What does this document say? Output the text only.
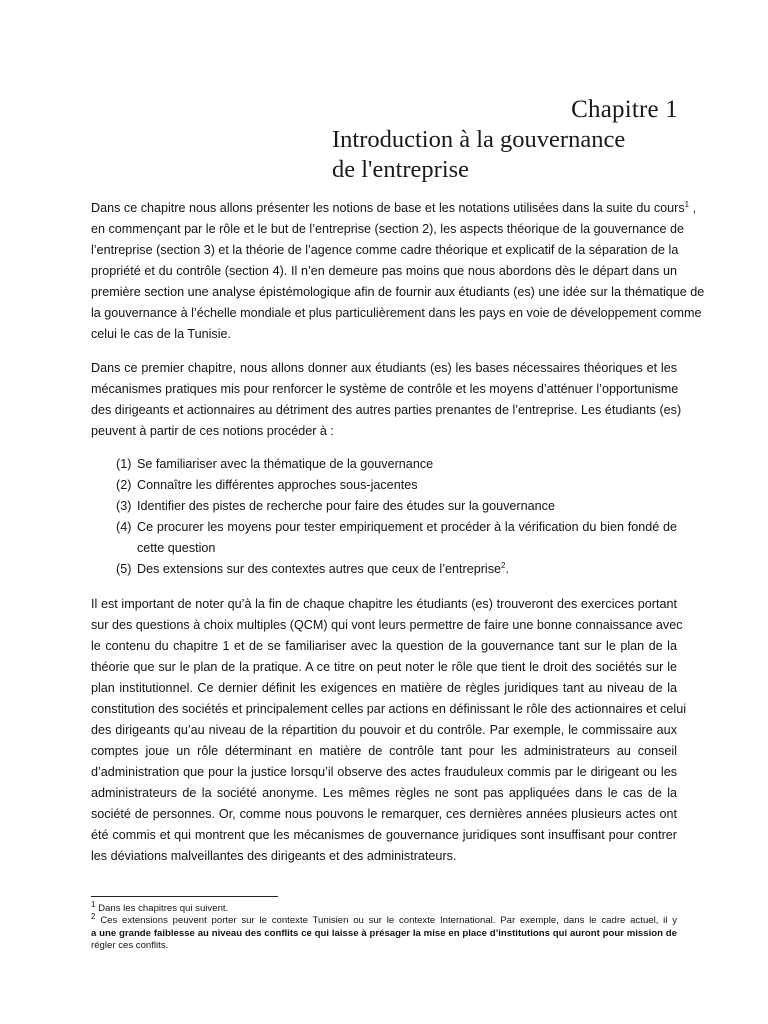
Chapitre 1
Introduction à la gouvernance
de l'entreprise
Dans ce chapitre nous allons présenter les notions de base et les notations utilisées dans la suite du cours$^1$ ,
en commençant par le rôle et le but de l’entreprise (section 2), les aspects théorique de la gouvernance de
l’entreprise (section 3) et la théorie de l’agence comme cadre théorique et explicatif de la séparation de la
propriété et du contrôle (section 4). Il n’en demeure pas moins que nous abordons dès le départ dans un
première section une analyse épistémologique afin de fournir aux étudiants (es) une idée sur la thématique de
la gouvernance à l’échelle mondiale et plus particulièrement dans les pays en voie de développement comme
celui le cas de la Tunisie.
Dans ce premier chapitre, nous allons donner aux étudiants (es) les bases nécessaires théoriques et les
mécanismes pratiques mis pour renforcer le système de contrôle et les moyens d’atténuer l’opportunisme
des dirigeants et actionnaires au détriment des autres parties prenantes de l’entreprise. Les étudiants (es)
peuvent à partir de ces notions procéder à :
(1) Se familiariser avec la thématique de la gouvernance
(2) Connaître les différentes approches sous-jacentes
(3) Identifier des pistes de recherche pour faire des études sur la gouvernance
(4) Ce procurer les moyens pour tester empiriquement et procéder à la vérification du bien fondé de
cette question
(5) Des extensions sur des contextes autres que ceux de l’entreprise$^2$.
Il est important de noter qu’à la fin de chaque chapitre les étudiants (es) trouveront des exercices portant
sur des questions à choix multiples (QCM) qui vont leurs permettre de faire une bonne connaissance avec
le contenu du chapitre 1 et de se familiariser avec la question de la gouvernance tant sur le plan de la
théorie que sur le plan de la pratique. A ce titre on peut noter le rôle que tient le droit des sociétés sur le
plan institutionnel. Ce dernier définit les exigences en matière de règles juridiques tant au niveau de la
constitution des sociétés et principalement celles par actions en définissant le rôle des actionnaires et celui
des dirigeants qu’au niveau de la répartition du pouvoir et du contrôle. Par exemple, le commissaire aux
comptes joue un rôle déterminant en matière de contrôle tant pour les administrateurs au conseil
d’administration que pour la justice lorsqu’il observe des actes frauduleux commis par le dirigeant ou les
administrateurs de la société anonyme. Les mêmes règles ne sont pas appliquées dans le cas de la
société de personnes. Or, comme nous pouvons le remarquer, ces dernières années plusieurs actes ont
été commis et qui montrent que les mécanismes de gouvernance juridiques sont insuffisant pour contrer
les déviations malveillantes des dirigeants et des administrateurs.
$^1$ Dans les chapitres qui suivent.
$^2$ Ces extensions peuvent porter sur le contexte Tunisien ou sur le contexte International. Par exemple, dans le cadre actuel, il y
a une grande faiblesse au niveau des conflits ce qui laisse à présager la mise en place d’institutions qui auront pour mission de
régler ces conflits.
